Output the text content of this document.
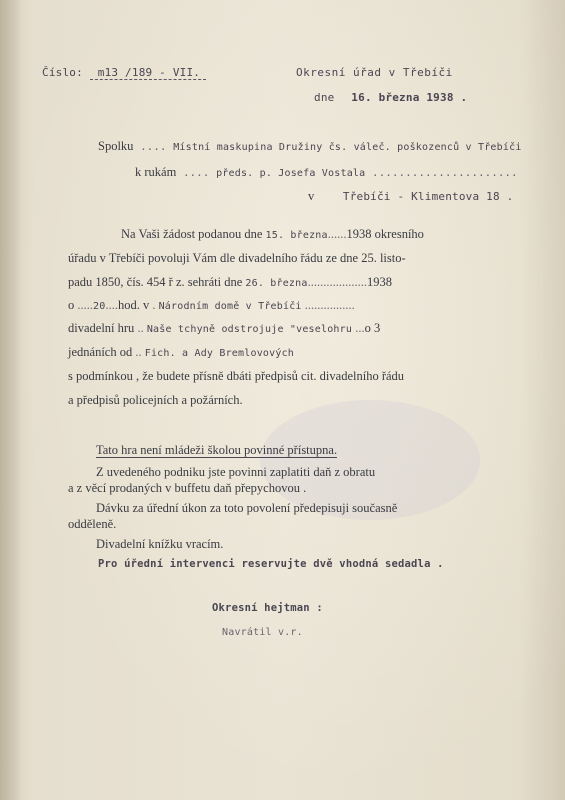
Číslo: m13 /189 - VII.	Okresní úřad v Třebíči
dne 16. března 1938 .
Spolku .... Místní maskupina Družiny čs. váleč. poškozenců v Třebíči
k rukám .... předs. p. Josefa Vostala ......................
v	Třebíči - Klimentova 18 .
Na Vaši žádost podanou dne 15. března......1938 okresního
úřadu v Třebíči povoluji Vám dle divadelního řádu ze dne 25. listo-
padu 1850, čís. 454 ř z. sehráti dne 26. března...................1938
o .....20....hod. v . Národním domě v Třebíči ................
divadelní hru .. Naše tchyně odstrojuje "veselohru ...o 3
jednáních od .. Fich. a Ady Bremlovových
s podmínkou , že budete přísně dbáti předpisů cit. divadelního řádu
a předpisů policejních a požárních.
Tato hra není mládeži školou povinné přístupna.
Z uvedeného podniku jste povinni zaplatiti daň z obratu
a z věcí prodaných v buffetu daň přepychovou .
Dávku za úřední úkon za toto povolení předepisuji současně
odděleně.
Divadelní knížku vracím.
Pro úřední intervenci reservujte dvě vhodná sedadla .
Okresní hejtman :
Navrátil v.r.
